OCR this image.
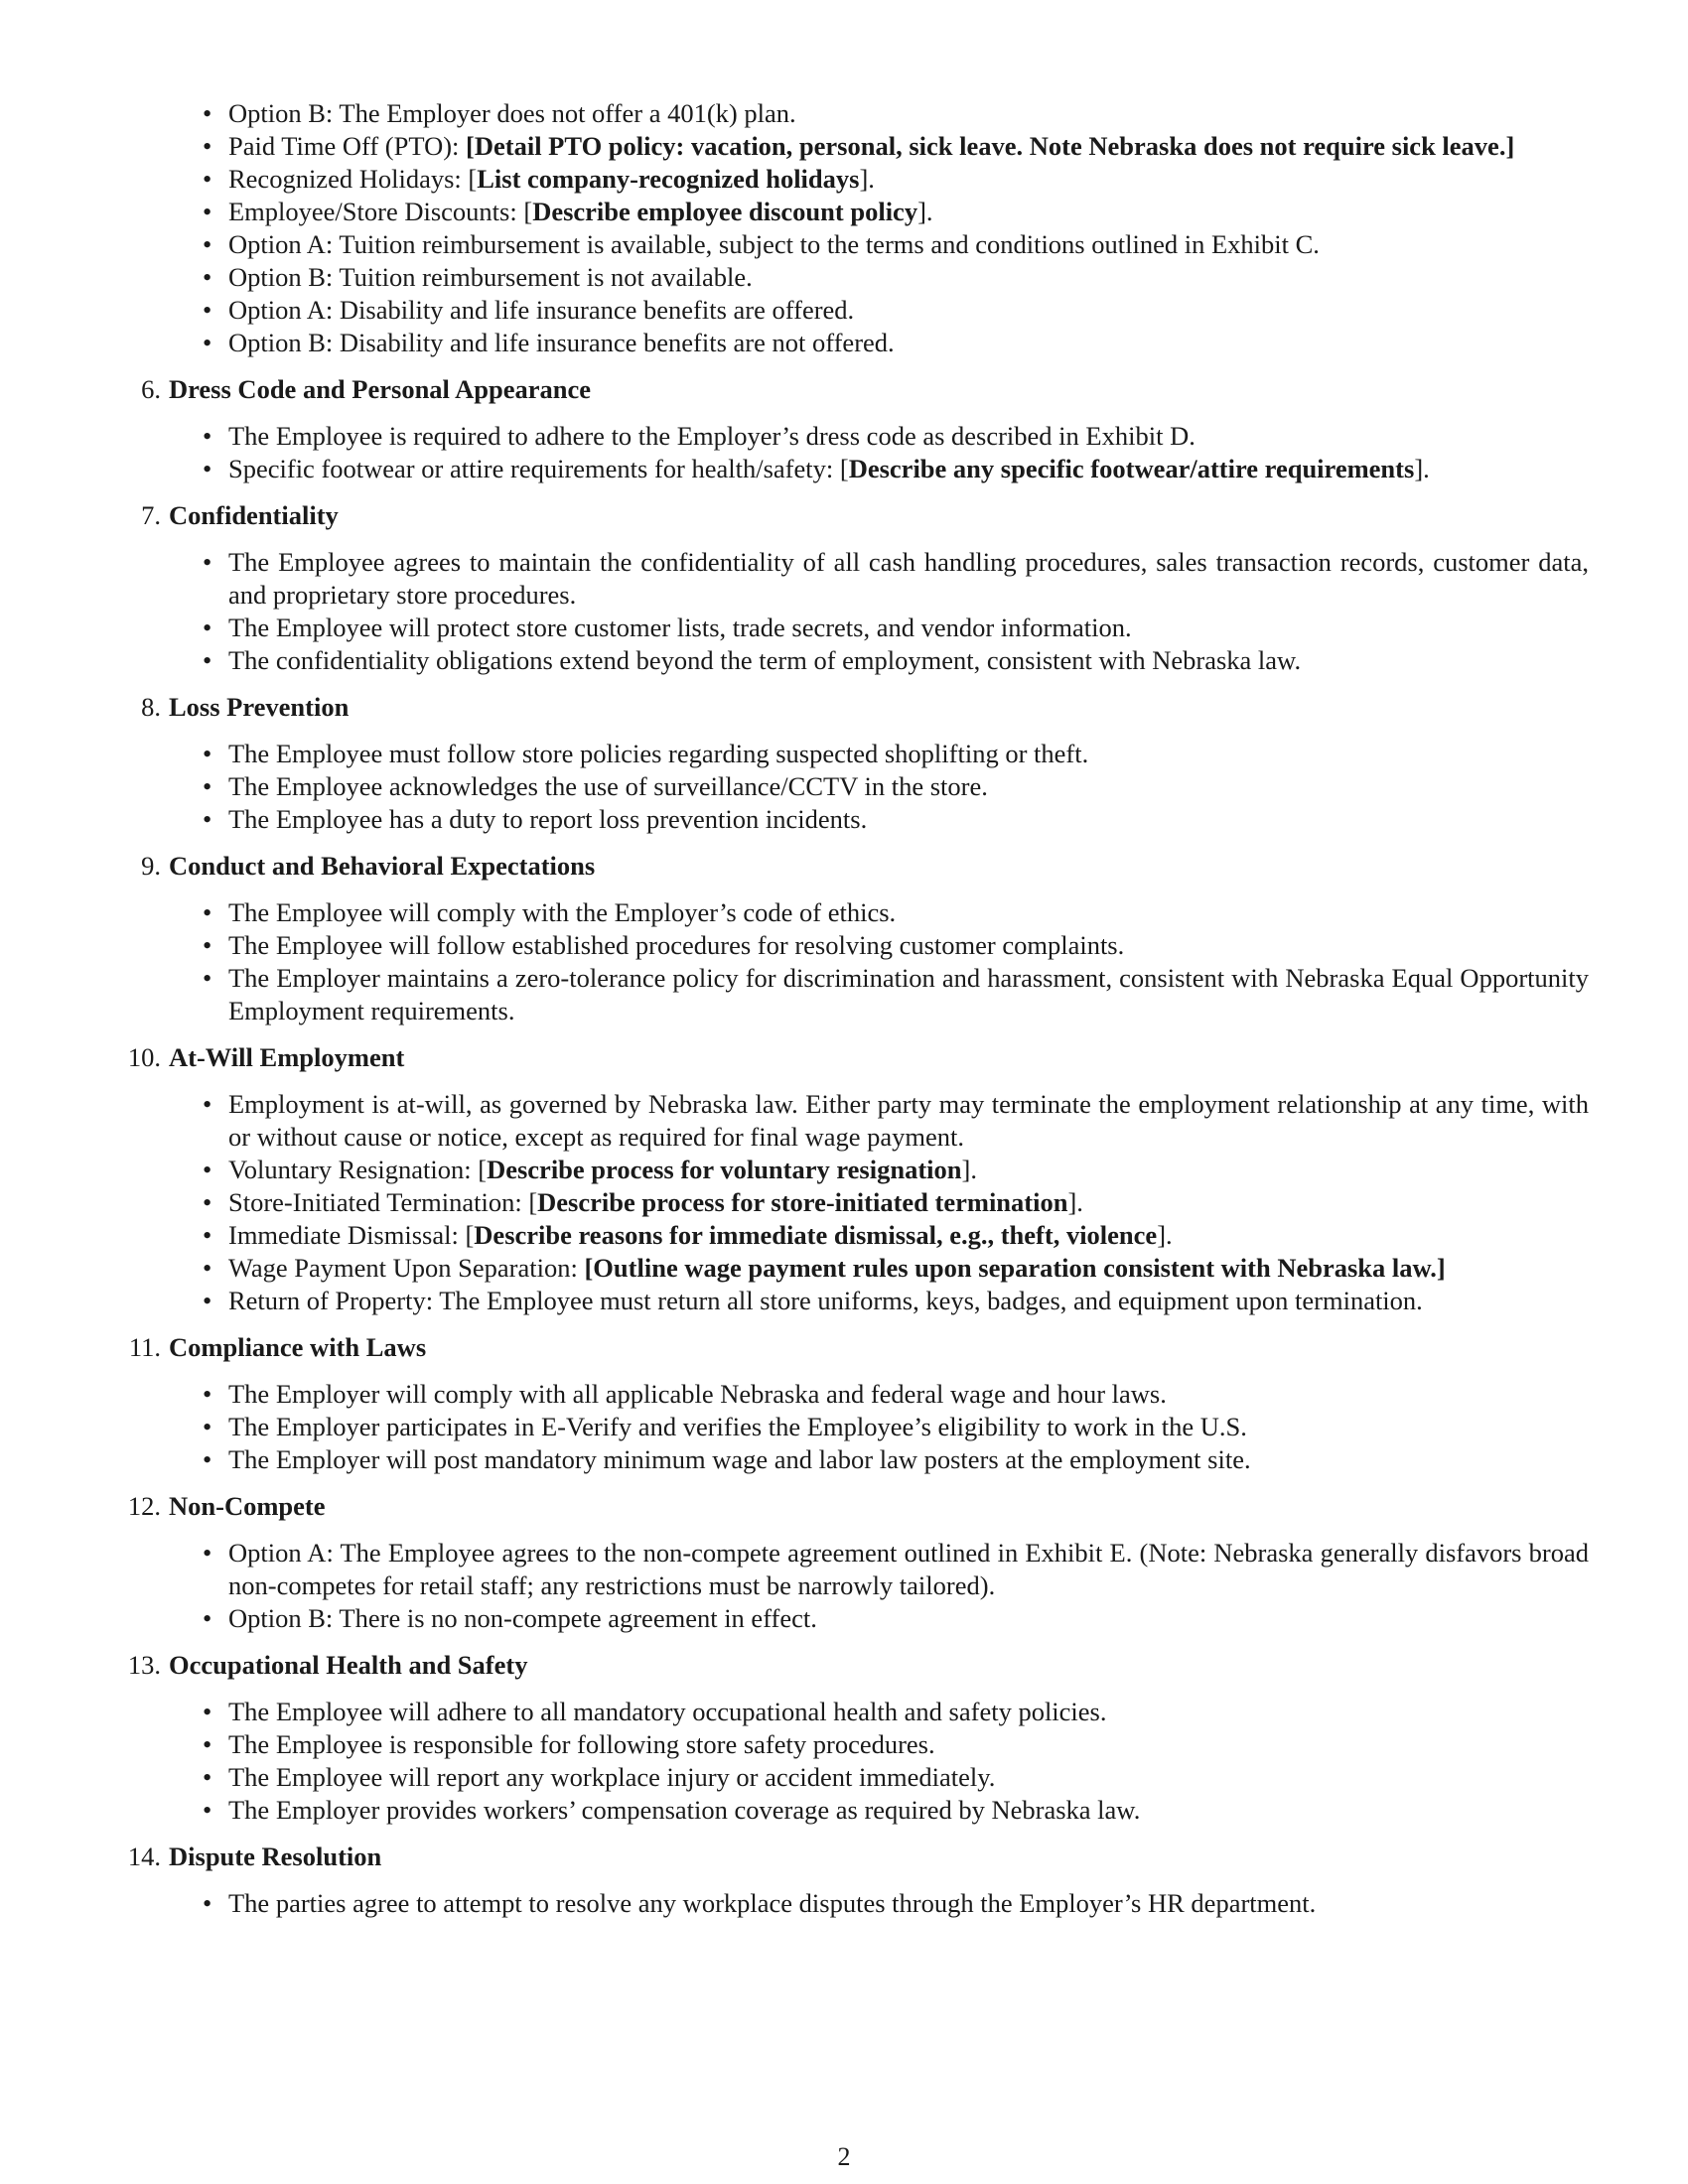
• Option B: The Employer does not offer a 401(k) plan.
• Paid Time Off (PTO): [Detail PTO policy: vacation, personal, sick leave. Note Nebraska does not require sick leave.]
• Recognized Holidays: [List company-recognized holidays].
• Employee/Store Discounts: [Describe employee discount policy].
• Option A: Tuition reimbursement is available, subject to the terms and conditions outlined in Exhibit C.
• Option B: Tuition reimbursement is not available.
• Option A: Disability and life insurance benefits are offered.
• Option B: Disability and life insurance benefits are not offered.
6. Dress Code and Personal Appearance
• The Employee is required to adhere to the Employer’s dress code as described in Exhibit D.
• Specific footwear or attire requirements for health/safety: [Describe any specific footwear/attire requirements].
7. Confidentiality
• The Employee agrees to maintain the confidentiality of all cash handling procedures, sales transaction records, customer data, and proprietary store procedures.
• The Employee will protect store customer lists, trade secrets, and vendor information.
• The confidentiality obligations extend beyond the term of employment, consistent with Nebraska law.
8. Loss Prevention
• The Employee must follow store policies regarding suspected shoplifting or theft.
• The Employee acknowledges the use of surveillance/CCTV in the store.
• The Employee has a duty to report loss prevention incidents.
9. Conduct and Behavioral Expectations
• The Employee will comply with the Employer’s code of ethics.
• The Employee will follow established procedures for resolving customer complaints.
• The Employer maintains a zero-tolerance policy for discrimination and harassment, consistent with Nebraska Equal Opportunity Employment requirements.
10. At-Will Employment
• Employment is at-will, as governed by Nebraska law. Either party may terminate the employment relationship at any time, with or without cause or notice, except as required for final wage payment.
• Voluntary Resignation: [Describe process for voluntary resignation].
• Store-Initiated Termination: [Describe process for store-initiated termination].
• Immediate Dismissal: [Describe reasons for immediate dismissal, e.g., theft, violence].
• Wage Payment Upon Separation: [Outline wage payment rules upon separation consistent with Nebraska law.]
• Return of Property: The Employee must return all store uniforms, keys, badges, and equipment upon termination.
11. Compliance with Laws
• The Employer will comply with all applicable Nebraska and federal wage and hour laws.
• The Employer participates in E-Verify and verifies the Employee’s eligibility to work in the U.S.
• The Employer will post mandatory minimum wage and labor law posters at the employment site.
12. Non-Compete
• Option A: The Employee agrees to the non-compete agreement outlined in Exhibit E. (Note: Nebraska generally disfavors broad non-competes for retail staff; any restrictions must be narrowly tailored).
• Option B: There is no non-compete agreement in effect.
13. Occupational Health and Safety
• The Employee will adhere to all mandatory occupational health and safety policies.
• The Employee is responsible for following store safety procedures.
• The Employee will report any workplace injury or accident immediately.
• The Employer provides workers’ compensation coverage as required by Nebraska law.
14. Dispute Resolution
• The parties agree to attempt to resolve any workplace disputes through the Employer’s HR department.
2
